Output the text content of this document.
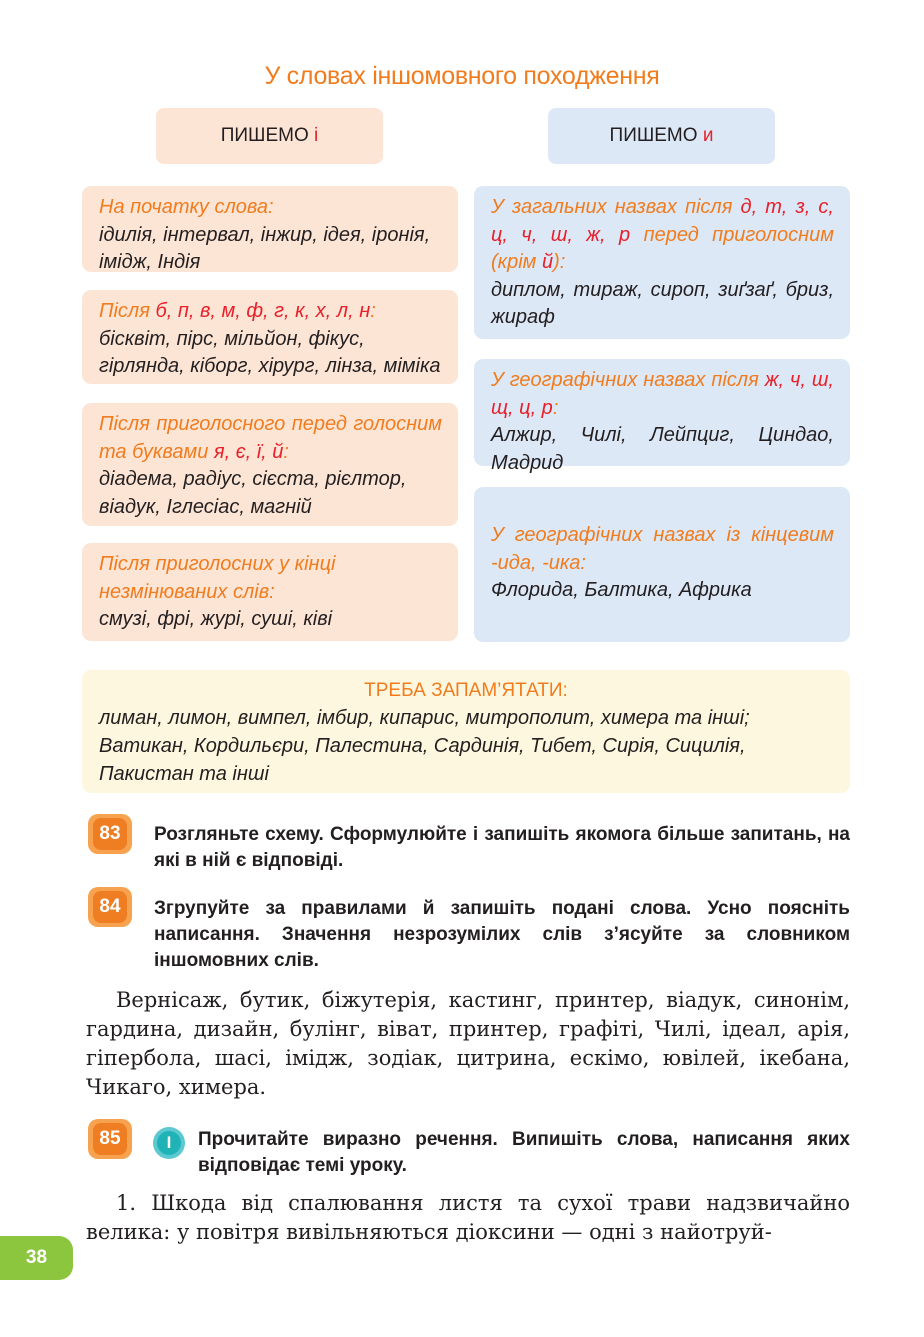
У словах іншомовного походження
ПИШЕМО
і	ПИШЕМО
и
На початку слова:
ідилія, інтервал, інжир, ідея, іронія, імідж, Індія
Після б, п, в, м, ф, г, к, х, л, н:
бісквіт, пірс, мільйон, фікус, гірлянда, кіборг, хірург, лінза, міміка
Після приголосного перед голосним та буквами я, є, ї, й:
діадема, радіус, сієста, рієлтор, віадук, Іглесіас, магній
Після приголосних у кінці незмінюваних слів:
смузі, фрі, журі, суші, ківі
У загальних назвах після д, т, з, с, ц, ч, ш, ж, р перед приголосним (крім й):
диплом, тираж, сироп, зиґзаґ, бриз, жираф
У географічних назвах після ж, ч, ш, щ, ц, р:
Алжир, Чилі, Лейпциг, Циндао, Мадрид
У географічних назвах із кінцевим -ида, -ика:
Флорида, Балтика, Африка
ТРЕБА ЗАПАМ’ЯТАТИ:
лиман, лимон, вимпел, імбир, кипарис, митрополит, химера та інші; Ватикан, Кордильєри, Палестина, Сардинія, Тибет, Сирія, Сицилія, Пакистан та інші
83	Розгляньте схему. Сформулюйте і запишіть якомога більше запитань, на які в ній є відповіді.
84	Згрупуйте за правилами й запишіть подані слова. Усно поясніть написання. Значення незрозумілих слів з’ясуйте за словником іншомовних слів.
Вернісаж, бутик, біжутерія, кастинг, принтер, віадук, синонім, гардина, дизайн, булінг, віват, принтер, графіті, Чилі, ідеал, арія, гіпербола, шасі, імідж, зодіак, цитрина, ескімо, ювілей, ікебана, Чикаго, химера.
85	І	Прочитайте виразно речення. Випишіть слова, написання яких відповідає темі уроку.
1. Шкода від спалювання листя та сухої трави надзвичайно велика: у повітря вивільняються діоксини — одні з найотруй-
38
